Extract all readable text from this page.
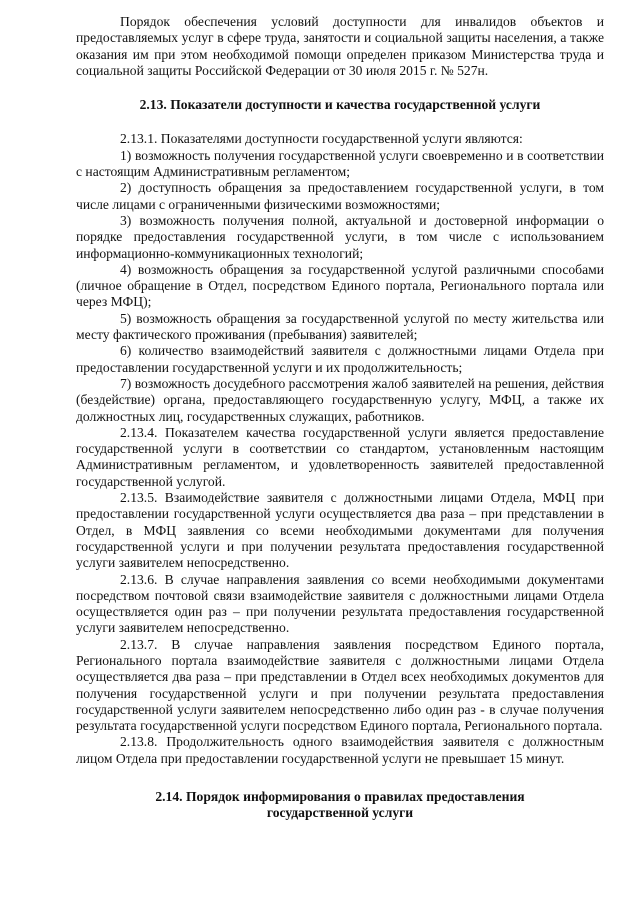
Порядок обеспечения условий доступности для инвалидов объектов и предоставляемых услуг в сфере труда, занятости и социальной защиты населения, а также оказания им при этом необходимой помощи определен приказом Министерства труда и социальной защиты Российской Федерации от 30 июля 2015 г. № 527н.

2.13. Показатели доступности и качества государственной услуги

2.13.1. Показателями доступности государственной услуги являются:

1) возможность получения государственной услуги своевременно и в соответствии с настоящим Административным регламентом;

2) доступность обращения за предоставлением государственной услуги, в том числе лицами с ограниченными физическими возможностями;

3) возможность получения полной, актуальной и достоверной информации о порядке предоставления государственной услуги, в том числе с использованием информационно-коммуникационных технологий;

4) возможность обращения за государственной услугой различными способами (личное обращение в Отдел, посредством Единого портала, Регионального портала или через МФЦ);

5) возможность обращения за государственной услугой по месту жительства или месту фактического проживания (пребывания) заявителей;

6) количество взаимодействий заявителя с должностными лицами Отдела при предоставлении государственной услуги и их продолжительность;

7) возможность досудебного рассмотрения жалоб заявителей на решения, действия (бездействие) органа, предоставляющего государственную услугу, МФЦ, а также их должностных лиц, государственных служащих, работников.

2.13.4. Показателем качества государственной услуги является предоставление государственной услуги в соответствии со стандартом, установленным настоящим Административным регламентом, и удовлетворенность заявителей предоставленной государственной услугой.

2.13.5. Взаимодействие заявителя с должностными лицами Отдела, МФЦ при предоставлении государственной услуги осуществляется два раза – при представлении в Отдел, в МФЦ заявления со всеми необходимыми документами для получения государственной услуги и при получении результата предоставления государственной услуги заявителем непосредственно.

2.13.6. В случае направления заявления со всеми необходимыми документами посредством почтовой связи взаимодействие заявителя с должностными лицами Отдела осуществляется один раз – при получении результата предоставления государственной услуги заявителем непосредственно.

2.13.7. В случае направления заявления посредством Единого портала, Регионального портала взаимодействие заявителя с должностными лицами Отдела осуществляется два раза – при представлении в Отдел всех необходимых документов для получения государственной услуги и при получении результата предоставления государственной услуги заявителем непосредственно либо один раз - в случае получения результата государственной услуги посредством Единого портала, Регионального портала.

2.13.8. Продолжительность одного взаимодействия заявителя с должностным лицом Отдела при предоставлении государственной услуги не превышает 15 минут.

2.14. Порядок информирования о правилах предоставления
государственной услуги
